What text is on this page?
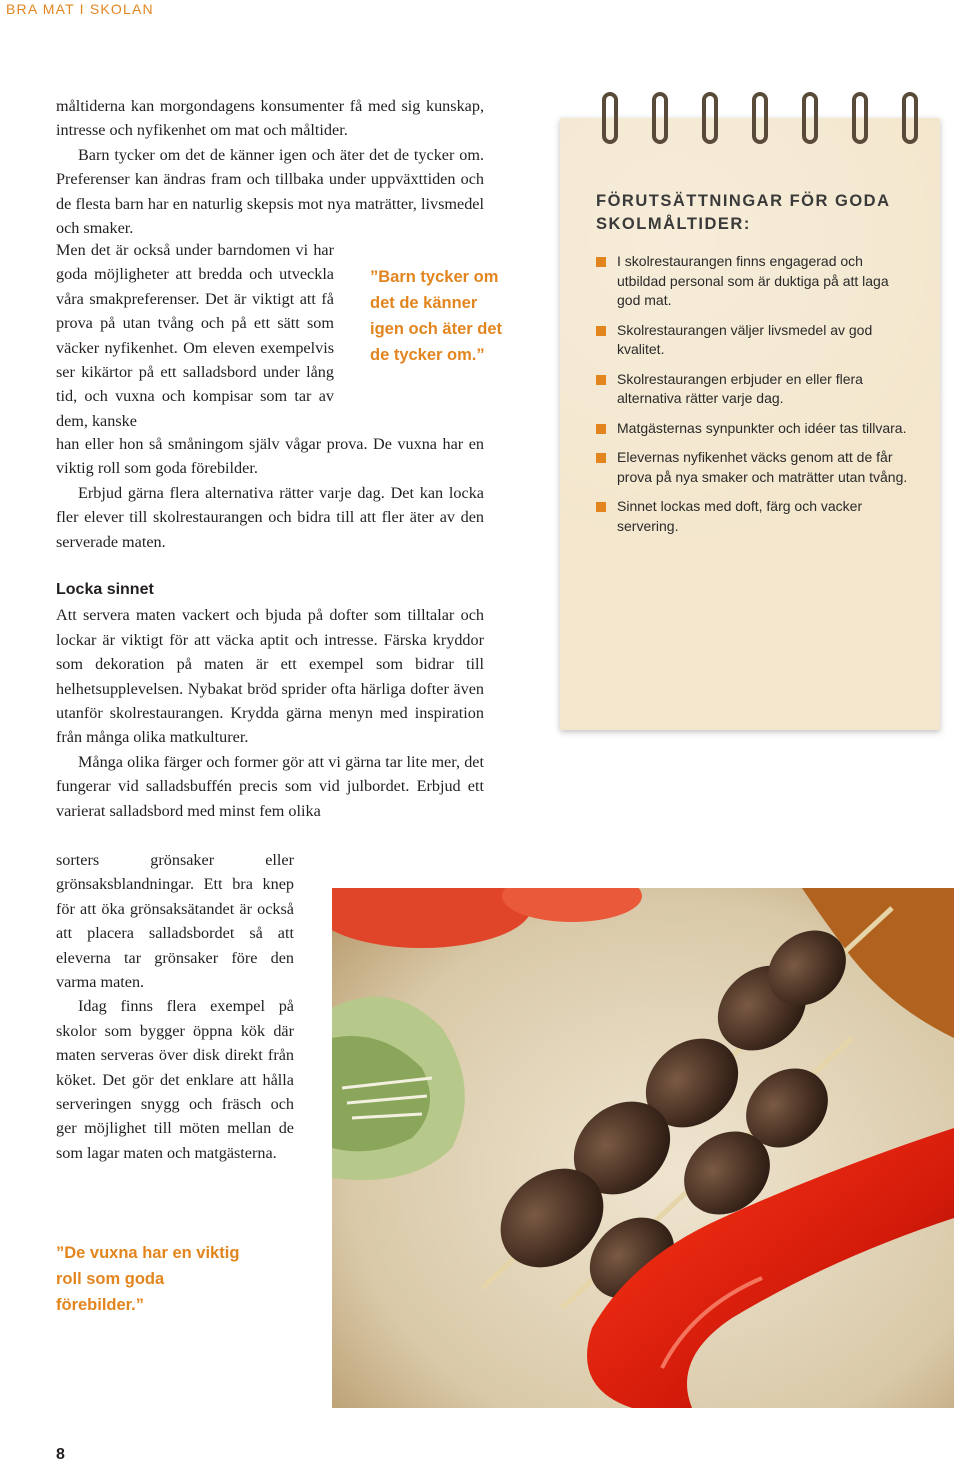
BRA MAT I SKOLAN

måltiderna kan morgondagens konsumenter få med sig kunskap, intresse och nyfikenhet om mat och måltider.

Barn tycker om det de känner igen och äter det de tycker om. Preferenser kan ändras fram och tillbaka under uppväxttiden och de flesta barn har en naturlig skepsis mot nya maträtter, livsmedel och smaker.

Men det är också under barndomen vi har goda möjligheter att bredda och utveckla våra smakpreferenser. Det är viktigt att få prova på utan tvång och på ett sätt som väcker nyfikenhet. Om eleven exempelvis ser kikärtor på ett salladsbord under lång tid, och vuxna och kompisar som tar av dem, kanske

han eller hon så småningom själv vågar prova. De vuxna har en viktig roll som goda förebilder.

Erbjud gärna flera alternativa rätter varje dag. Det kan locka fler elever till skolrestaurangen och bidra till att fler äter av den serverade maten.

”Barn tycker om det de känner igen och äter det de tycker om.”
Locka sinnet

Att servera maten vackert och bjuda på dofter som tilltalar och lockar är viktigt för att väcka aptit och intresse. Färska kryddor som dekoration på maten är ett exempel som bidrar till helhetsupplevelsen. Nybakat bröd sprider ofta härliga dofter även utanför skolrestaurangen. Krydda gärna menyn med inspiration från många olika matkulturer.

Många olika färger och former gör att vi gärna tar lite mer, det fungerar vid salladsbuffén precis som vid julbordet. Erbjud ett varierat salladsbord med minst fem olika

sorters grönsaker eller grönsaksblandningar. Ett bra knep för att öka grönsaksätandet är också att placera salladsbordet så att eleverna tar grönsaker före den varma maten.

Idag finns flera exempel på skolor som bygger öppna kök där maten serveras över disk direkt från köket. Det gör det enklare att hålla serveringen snygg och fräsch och ger möjlighet till möten mellan de som lagar maten och matgästerna.

”De vuxna har en viktig roll som goda förebilder.”
FÖRUTSÄTTNINGAR FÖR GODA SKOLMÅLTIDER:
I skolrestaurangen finns engagerad och utbildad personal som är duktiga på att laga god mat.
Skolrestaurangen väljer livsmedel av god kvalitet.
Skolrestaurangen erbjuder en eller flera alternativa rätter varje dag.
Matgästernas synpunkter och idéer tas tillvara.
Elevernas nyfikenhet väcks genom att de får prova på nya smaker och maträtter utan tvång.
Sinnet lockas med doft, färg och vacker servering.
8
